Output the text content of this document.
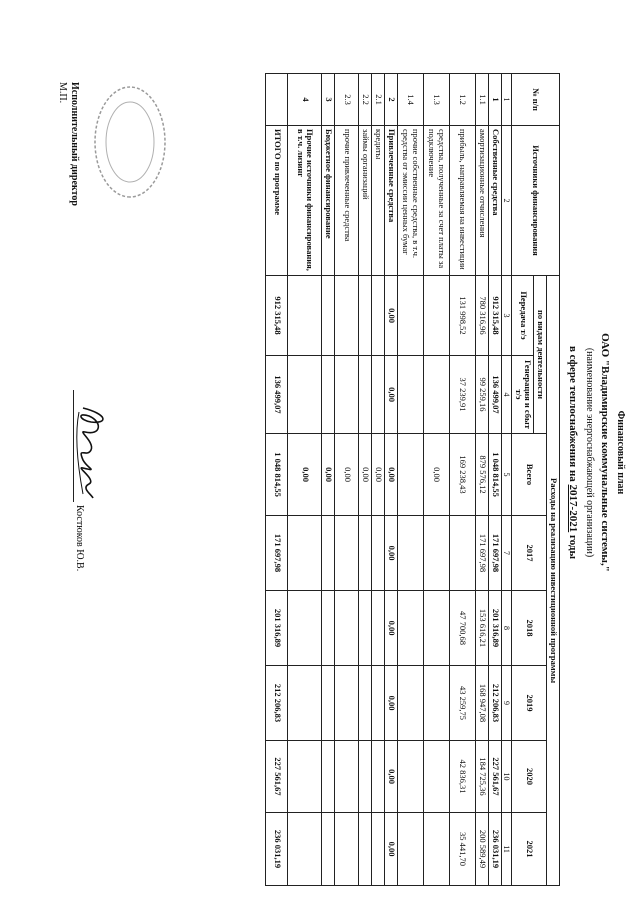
Финансовый план
ОАО "Владимирские коммунальные системы,"
(наименование энергоснабжающей организации)
в сфере теплоснабжения на 2017-2021 годы
№ п/п	Источники финансирования	Расходы на реализацию инвестиционной программы							
		по видам деятельности		Всего	2017	2018	2019	2020	2021
		Передача т/э	Генерация и сбыт т/э						
1	2	3	4	5	7	8	9	10	11
1	Собственные средства	912 315,48	136 499,07	1 048 814,55	171 697,98	201 316,89	212 206,83	227 561,67	236 031,19
1.1	амортизационные отчисления	780 316,96	99 259,16	879 576,12	171 697,98	153 616,21	168 947,08	184 725,36	200 589,49
1.2	прибыль, направляемая на инвестиции	131 998,52	37 239,91	169 238,43		47 700,68	43 259,75	42 836,31	35 441,70
1.3	средства, полученные за счет платы за подключение			0,00					
1.4	прочие собственные средства, в т.ч. средства от эмиссии ценных бумаг								
2	Привлеченные средства	0,00	0,00	0,00	0,00	0,00	0,00	0,00	0,00
2.1	кредиты			0,00					
2.2	займы организаций			0,00					
2.3	прочие привлеченные средства			0,00					
3	Бюджетное финансирование			0,00					
4	Прочие источники финансирования, в т.ч. лизинг			0,00					
	ИТОГО по программе	912 315,48	136 499,07	1 048 814,55	171 697,98	201 316,89	212 206,83	227 561,67	236 031,19
Исполнительный директор
М.П.
Костюков Ю.В.
